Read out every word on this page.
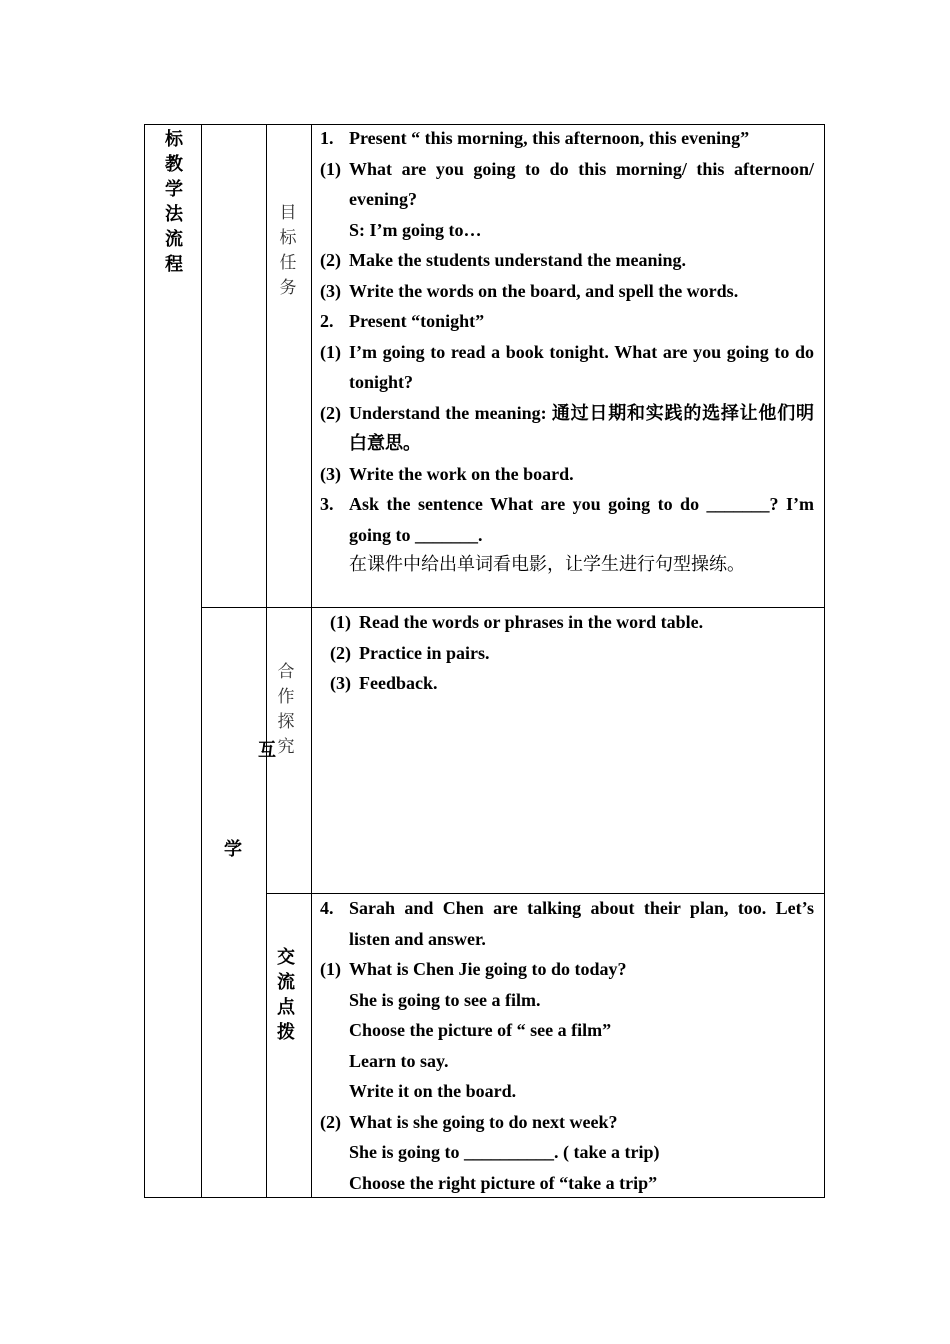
标
教
学
法
流
程
互
学
目
标
任
务
合
作
探
究
交
流
点
拨
1. Present “ this morning, this afternoon, this evening”
(1) What are you going to do this morning/ this afternoon/ evening?
S: I’m going to…
(2) Make the students understand the meaning.
(3) Write the words on the board, and spell the words.
2. Present “tonight”
(1) I’m going to read a book tonight. What are you going to do tonight?
(2) Understand the meaning: 通过日期和实践的选择让他们明白意思。
(3) Write the work on the board.
3. Ask the sentence What are you going to do _______? I’m going to _______.
在课件中给出单词看电影，让学生进行句型操练。
(1) Read the words or phrases in the word table.
(2) Practice in pairs.
(3) Feedback.
4. Sarah and Chen are talking about their plan, too. Let’s listen and answer.
(1) What is Chen Jie going to do today?
She is going to see a film.
Choose the picture of “ see a film”
Learn to say.
Write it on the board.
(2) What is she going to do next week?
She is going to __________. ( take a trip)
Choose the right picture of “take a trip”
